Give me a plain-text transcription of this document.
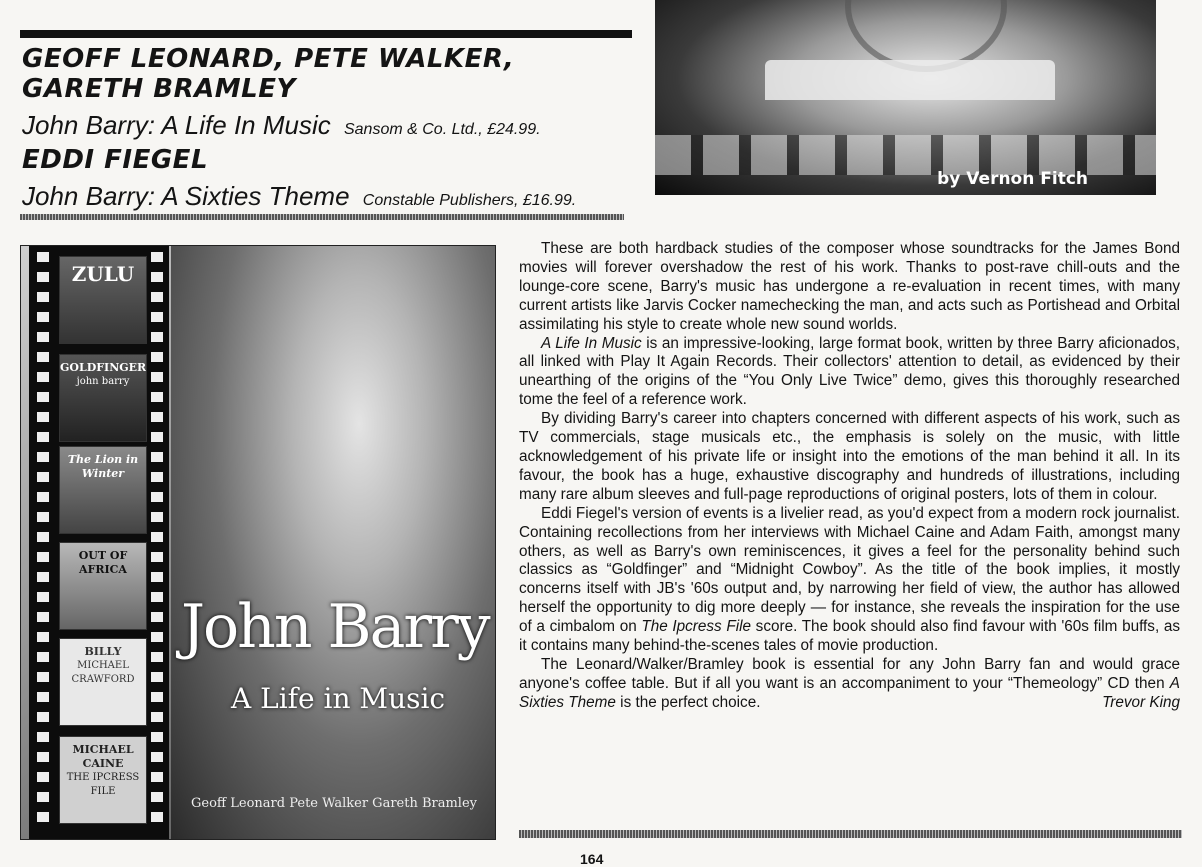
GEOFF LEONARD, PETE WALKER,
GARETH BRAMLEY
John Barry: A Life In Music Sansom & Co. Ltd., £24.99.
EDDI FIEGEL
John Barry: A Sixties Theme Constable Publishers, £16.99.
by Vernon Fitch
ZULU
GOLDFINGER
john barry
The Lion in Winter
OUT OF AFRICA
BILLY
MICHAEL CRAWFORD
MICHAEL CAINE
THE IPCRESS FILE
John Barry
A Life in Music
Geoff Leonard Pete Walker Gareth Bramley

These are both hardback studies of the composer whose soundtracks for the James Bond movies will forever overshadow the rest of his work. Thanks to post-rave chill-outs and the lounge-core scene, Barry's music has undergone a re-evaluation in recent times, with many current artists like Jarvis Cocker namechecking the man, and acts such as Portishead and Orbital assimilating his style to create whole new sound worlds.

A Life In Music is an impressive-looking, large format book, written by three Barry aficionados, all linked with Play It Again Records. Their collectors' attention to detail, as evidenced by their unearthing of the origins of the “You Only Live Twice” demo, gives this thoroughly researched tome the feel of a reference work.

By dividing Barry's career into chapters concerned with different aspects of his work, such as TV commercials, stage musicals etc., the emphasis is solely on the music, with little acknowledgement of his private life or insight into the emotions of the man behind it all. In its favour, the book has a huge, exhaustive discography and hundreds of illustrations, including many rare album sleeves and full-page reproductions of original posters, lots of them in colour.

Eddi Fiegel's version of events is a livelier read, as you'd expect from a modern rock journalist. Containing recollections from her interviews with Michael Caine and Adam Faith, amongst many others, as well as Barry's own reminiscences, it gives a feel for the personality behind such classics as “Goldfinger” and “Midnight Cowboy”. As the title of the book implies, it mostly concerns itself with JB's '60s output and, by narrowing her field of view, the author has allowed herself the opportunity to dig more deeply — for instance, she reveals the inspiration for the use of a cimbalom on The Ipcress File score. The book should also find favour with '60s film buffs, as it contains many behind-the-scenes tales of movie production.

The Leonard/Walker/Bramley book is essential for any John Barry fan and would grace anyone's coffee table. But if all you want is an accompaniment to your “Themeology” CD then A Sixties Theme is the perfect choice.	Trevor King

164
